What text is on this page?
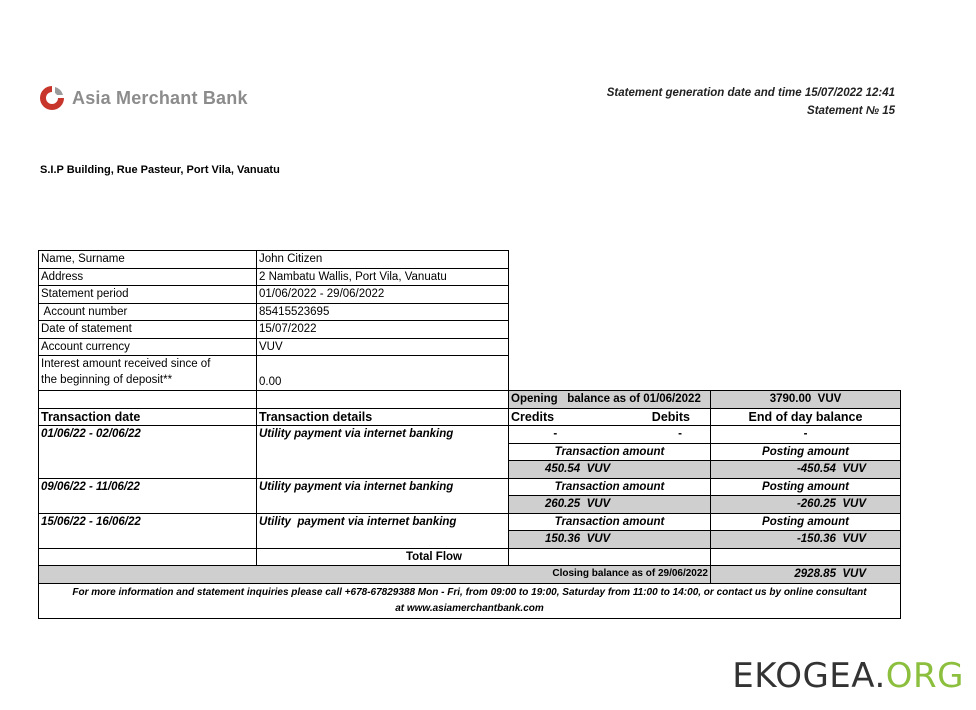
Asia Merchant Bank	Statement generation date and time 15/07/2022 12:41
Statement № 15
S.I.P Building, Rue Pasteur, Port Vila, Vanuatu
Name, Surname	John Citizen			
Address	2 Nambatu Wallis, Port Vila, Vanuatu			
Statement period	01/06/2022 - 29/06/2022			
Account number	85415523695			
Date of statement	15/07/2022			
Account currency	VUV			

Interest amount received since of
the beginning of deposit**	0.00			
		Opening   balance as of 01/06/2022		3790.00  VUV
Transaction date	Transaction details	Credits	Debits	End of day balance
01/06/22 - 02/06/22	Utility payment via internet banking	-	-	-
		Transaction amount		Posting amount
		450.54  VUV		-450.54  VUV
09/06/22 - 11/06/22	Utility payment via internet banking	Transaction amount		Posting amount
		260.25  VUV		-260.25  VUV
15/06/22 - 16/06/22	Utility  payment via internet banking	Transaction amount		Posting amount
		150.36  VUV		-150.36  VUV
	Total Flow			
Closing balance as of 29/06/2022				2928.85  VUV

For more information and statement inquiries please call +678-67829388 Mon - Fri, from 09:00 to 19:00, Saturday from 11:00 to 14:00, or contact us by online consultant
at www.asiamerchantbank.com				
EKOGEA.ORG
